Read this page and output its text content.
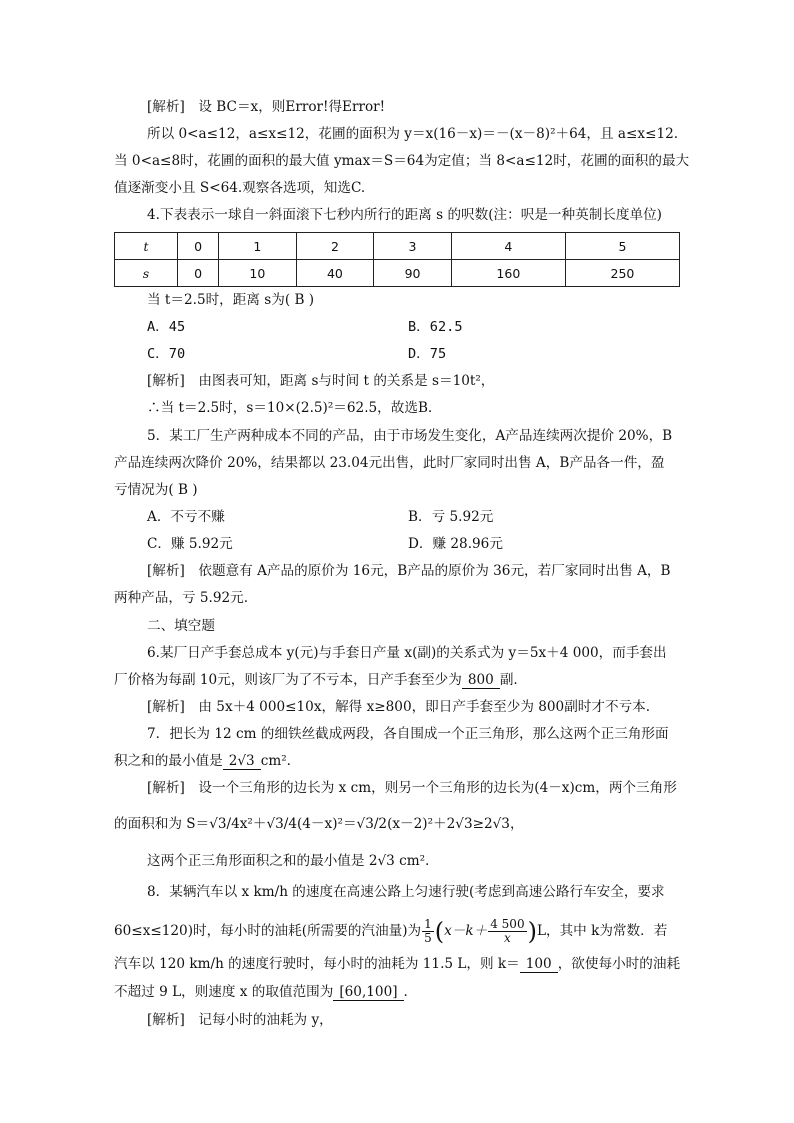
[解析]　设 BC＝x，则Error!得Error!
所以 0<a≤12，a≤x≤12，花圃的面积为 y＝x(16－x)＝－(x－8)²＋64，且 a≤x≤12.
当 0<a≤8时，花圃的面积的最大值 ymax＝S＝64为定值；当 8<a≤12时，花圃的面积的最大
值逐渐变小且 S<64.观察各选项，知选C.
4.下表表示一球自一斜面滚下七秒内所行的距离 s 的呎数(注：呎是一种英制长度单位)
t	0	1	2	3	4	5
s	0	10	40	90	160	250
当 t＝2.5时，距离 s为( B )
A．45	B．62.5
C．70	D．75
[解析]　由图表可知，距离 s与时间 t 的关系是 s＝10t²，
∴当 t＝2.5时，s＝10×(2.5)²＝62.5，故选B.
5．某工厂生产两种成本不同的产品，由于市场发生变化，A产品连续两次提价 20%，B
产品连续两次降价 20%，结果都以 23.04元出售，此时厂家同时出售 A，B产品各一件，盈
亏情况为( B )
A．不亏不赚	B．亏 5.92元
C．赚 5.92元	D．赚 28.96元
[解析]　依题意有 A产品的原价为 16元，B产品的原价为 36元，若厂家同时出售 A，B
两种产品，亏 5.92元.
二、填空题
6.某厂日产手套总成本 y(元)与手套日产量 x(副)的关系式为 y＝5x＋4 000，而手套出
厂价格为每副 10元，则该厂为了不亏本，日产手套至少为 800 副.
[解析]　由 5x＋4 000≤10x，解得 x≥800，即日产手套至少为 800副时才不亏本.
7．把长为 12 cm 的细铁丝截成两段，各自围成一个正三角形，那么这两个正三角形面
积之和的最小值是 2√3 cm².
[解析]　设一个三角形的边长为 x cm，则另一个三角形的边长为(4－x)cm，两个三角形
的面积和为 S＝√3/4x²＋√3/4(4－x)²＝√3/2(x－2)²＋2√3≥2√3，
这两个正三角形面积之和的最小值是 2√3 cm².
8．某辆汽车以 x km/h 的速度在高速公路上匀速行驶(考虑到高速公路行车安全，要求
60≤x≤120)时，每小时的油耗(所需要的汽油量)为 $\frac{1}{5} (x-k+ \frac{4 500}{x} )L$，其中 k为常数．若
汽车以 120 km/h 的速度行驶时，每小时的油耗为 11.5 L，则 k＝ 100 ，欲使每小时的油耗
不超过 9 L，则速度 x 的取值范围为 [60,100] .
[解析]　记每小时的油耗为 y，
